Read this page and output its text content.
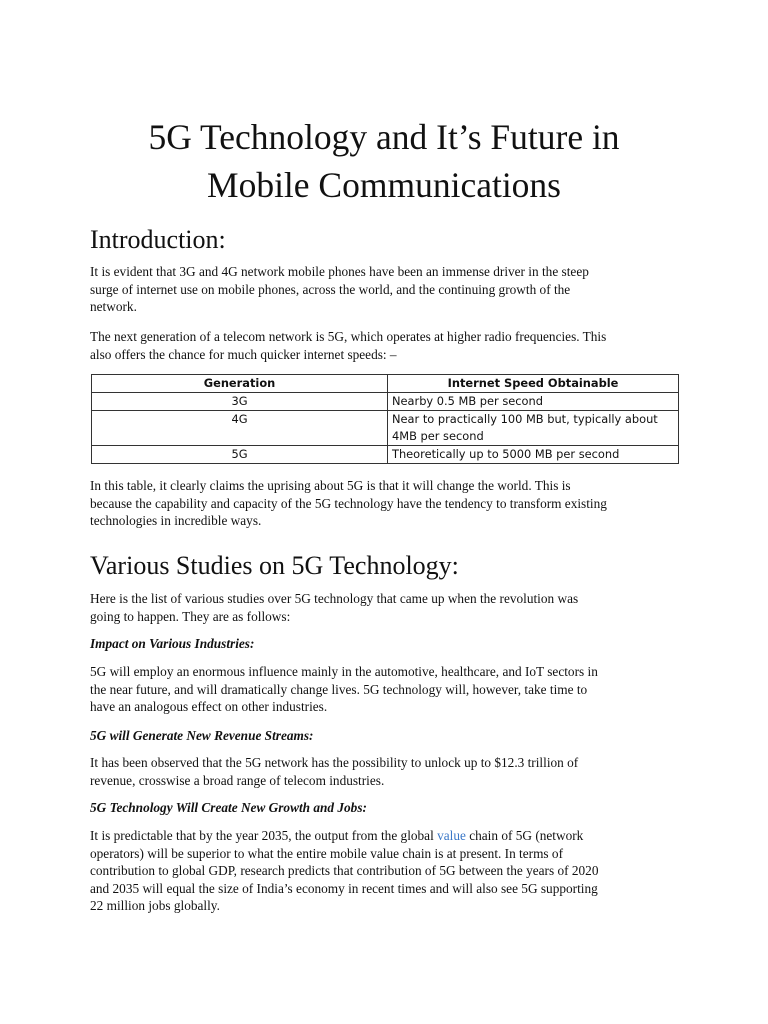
5G Technology and It’s Future in
Mobile Communications
Introduction:

It is evident that 3G and 4G network mobile phones have been an immense driver in the steep
surge of internet use on mobile phones, across the world, and the continuing growth of the
network.

The next generation of a telecom network is 5G, which operates at higher radio frequencies. This
also offers the chance for much quicker internet speeds: –

Generation	Internet Speed Obtainable
3G	Nearby 0.5 MB per second
4G	Near to practically 100 MB but, typically about
4MB per second

5G	Theoretically up to 5000 MB per second

In this table, it clearly claims the uprising about 5G is that it will change the world. This is
because the capability and capacity of the 5G technology have the tendency to transform existing
technologies in incredible ways.

Various Studies on 5G Technology:

Here is the list of various studies over 5G technology that came up when the revolution was
going to happen. They are as follows:

Impact on Various Industries:

5G will employ an enormous influence mainly in the automotive, healthcare, and IoT sectors in
the near future, and will dramatically change lives. 5G technology will, however, take time to
have an analogous effect on other industries.

5G will Generate New Revenue Streams:

It has been observed that the 5G network has the possibility to unlock up to $12.3 trillion of
revenue, crosswise a broad range of telecom industries.

5G Technology Will Create New Growth and Jobs:

It is predictable that by the year 2035, the output from the global value chain of 5G (network
operators) will be superior to what the entire mobile value chain is at present. In terms of
contribution to global GDP, research predicts that contribution of 5G between the years of 2020
and 2035 will equal the size of India’s economy in recent times and will also see 5G supporting
22 million jobs globally.
